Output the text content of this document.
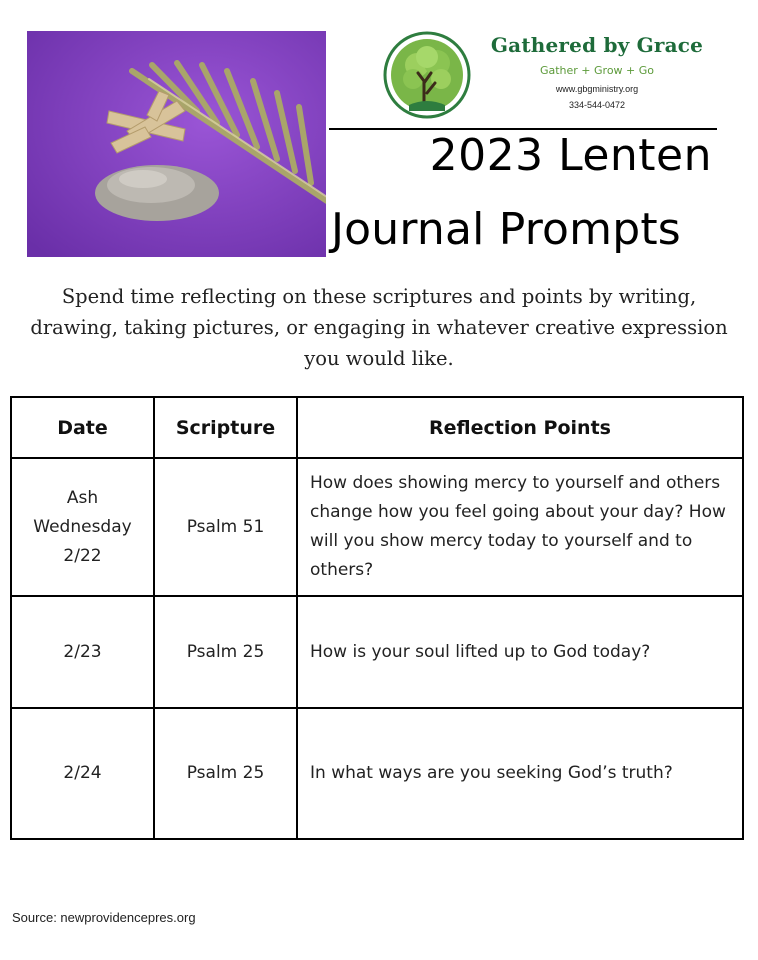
Gathered by Grace
Gather + Grow + Go
www.gbgministry.org
334-544-0472
2023 Lenten
Journal Prompts
Spend time reflecting on these scriptures and points by writing, drawing, taking pictures, or engaging in whatever creative expression you would like.
Date	Scripture	Reflection Points

Ash
Wednesday
2/22	Psalm 51	How does showing mercy to yourself and others change how you feel going about your day? How will you show mercy today to yourself and to others?

2/23	Psalm 25	How is your soul lifted up to God today?

2/24	Psalm 25	In what ways are you seeking God’s truth?
Source: newprovidencepres.org
